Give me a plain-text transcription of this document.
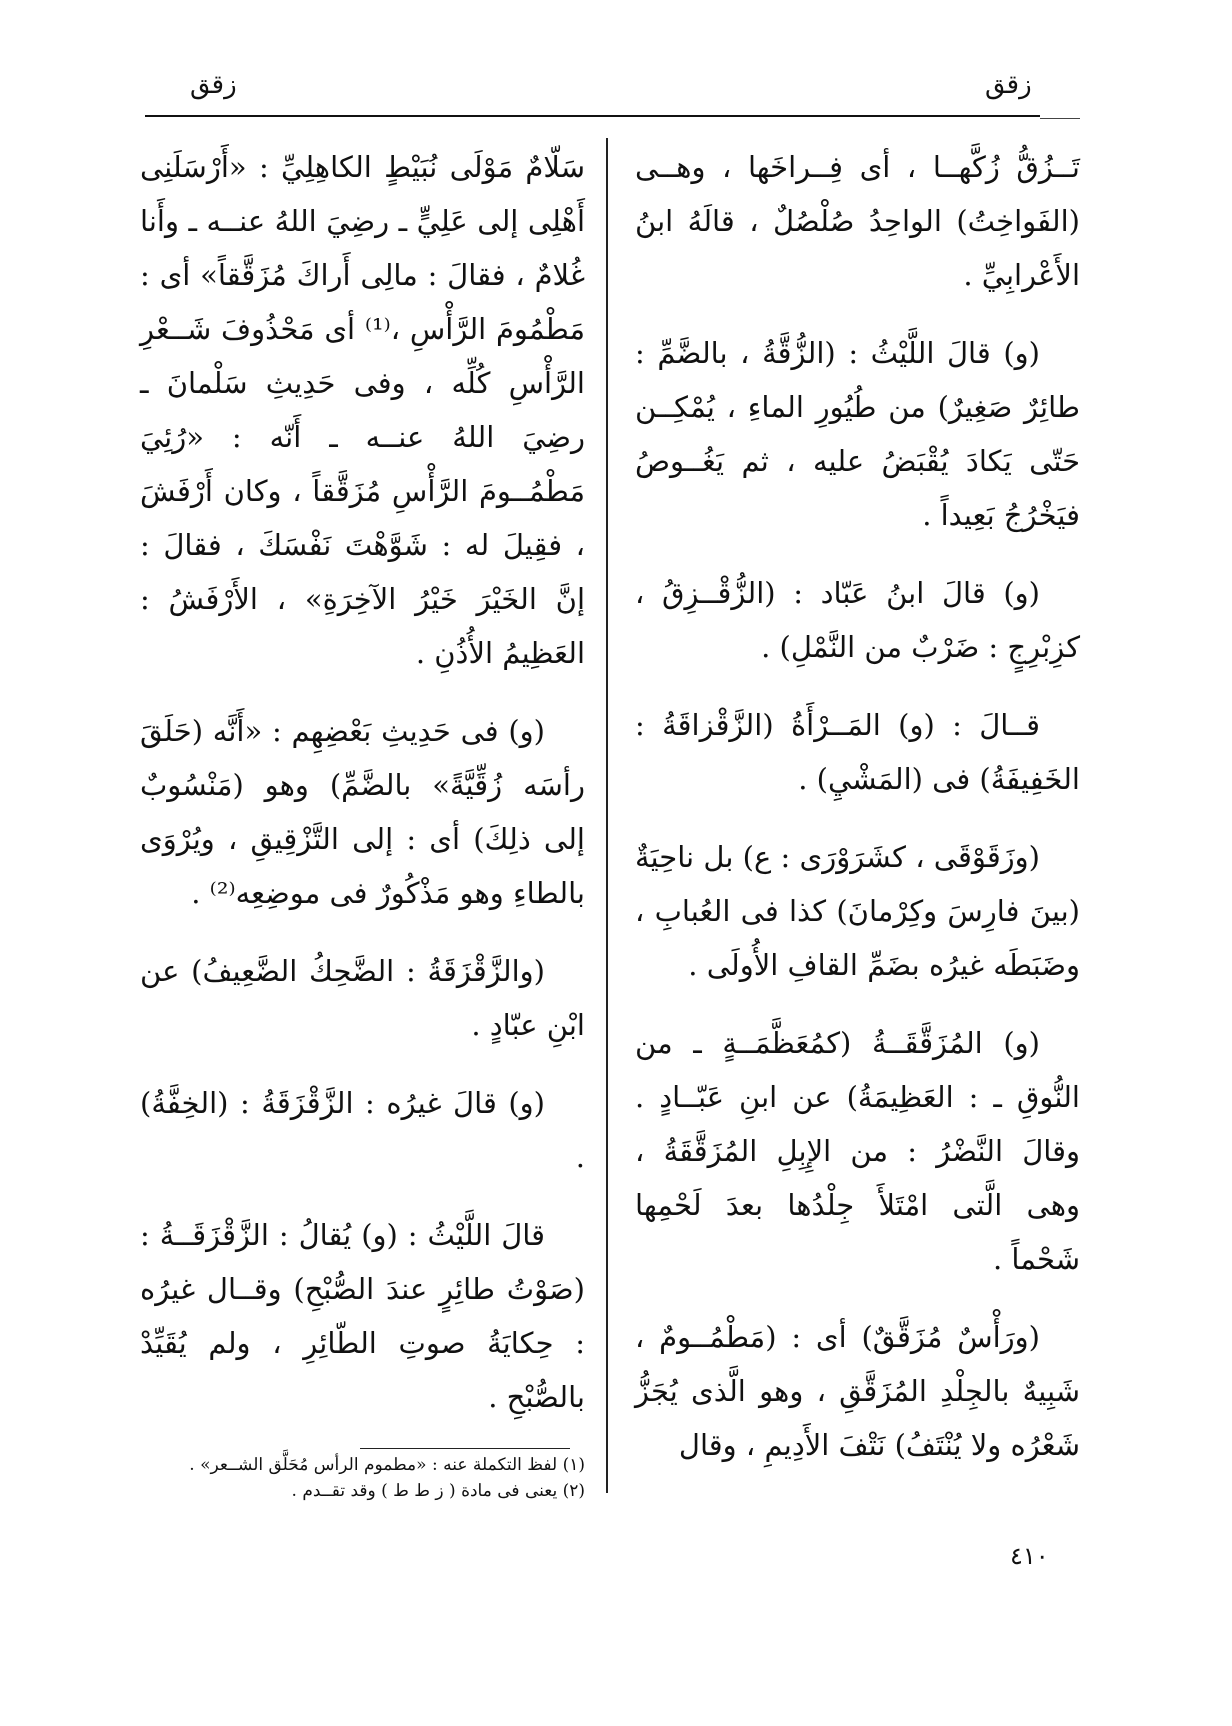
زقق	زقق

تَــزُقُّ زُكَّهــا ، أى فِــراخَها ، وهــى (الفَواخِتُ) الواحِدُ صُلْصُلٌ ، قالَهُ ابنُ الأَعْرابِيِّ .

(و) قالَ اللَّيْثُ : (الزُّقَّةُ ، بالضَّمِّ : طائِرٌ صَغِيرٌ) من طُيُورِ الماءِ ، يُمْكِــن حَتّى يَكادَ يُقْبَضُ عليه ، ثم يَغُــوصُ فيَخْرُجُ بَعِيداً .

(و) قالَ ابنُ عَبّاد : (الزُّقْــزِقُ ، كزِبْرِجٍ : ضَرْبٌ من النَّمْلِ) .

قــالَ : (و) المَــرْأَةُ (الزَّقْزاقَةُ : الخَفِيفَةُ) فى (المَشْيِ) .

(وزَقَوْقَى ، كشَرَوْرَى : ع) بل ناحِيَةٌ (بينَ فارِسَ وكِرْمانَ) كذا فى العُبابِ ، وضَبَطَه غيرُه بضَمِّ القافِ الأُولَى .

(و) المُزَقَّقَــةُ (كمُعَظَّمَــةٍ ـ من النُّوقِ ـ : العَظِيمَةُ) عن ابنِ عَبّــادٍ . وقالَ النَّضْرُ : من الإِبِلِ المُزَقَّقَةُ ، وهى الَّتى امْتَلأَ جِلْدُها بعدَ لَحْمِها شَحْماً .

(ورَأْسٌ مُزَقَّقٌ) أى : (مَطْمُــومٌ ، شَبِيهٌ بالجِلْدِ المُزَقَّقِ ، وهو الَّذى يُجَزُّ شَعْرُه ولا يُنْتَفُ) نَتْفَ الأَدِيمِ ، وقال

سَلّامٌ مَوْلَى نُبَيْطٍ الكاهِلِيِّ : «أَرْسَلَنِى أَهْلِى إلى عَلِيٍّ ـ رضِيَ اللهُ عنــه ـ وأَنا غُلامٌ ، فقالَ : مالِى أَراكَ مُزَقَّقاً» أى : مَطْمُومَ الرَّأْسِ ،⁽¹⁾ أى مَحْذُوفَ شَــعْرِ الرَّأْسِ كُلِّه ، وفى حَدِيثِ سَلْمانَ ـ رضِيَ اللهُ عنــه ـ أَنّه : «رُئِيَ مَطْمُــومَ الرَّأْسِ مُزَقَّقاً ، وكان أَرْفَشَ ، فقِيلَ له : شَوَّهْتَ نَفْسَكَ ، فقالَ : إنَّ الخَيْرَ خَيْرُ الآخِرَةِ» ، الأَرْفَشُ : العَظِيمُ الأُذُنِ .

(و) فى حَدِيثِ بَعْضِهِم : «أَنَّه (حَلَقَ رأسَه زُقِّيَّةً» بالضَّمِّ) وهو (مَنْسُوبٌ إلى ذلِكَ) أى : إلى التَّزْقِيقِ ، ويُرْوَى بالطاءِ وهو مَذْكُورٌ فى موضِعِه⁽²⁾ .

(والزَّقْزَقَةُ : الضَّحِكُ الضَّعِيفُ) عن ابْنِ عبّادٍ .

(و) قالَ غيرُه : الزَّقْزَقَةُ : (الخِفَّةُ) .

قالَ اللَّيْثُ : (و) يُقالُ : الزَّقْزَقَــةُ : (صَوْتُ طائِرٍ عندَ الصُّبْحِ) وقــال غيرُه : حِكايَةُ صوتِ الطّائِرِ ، ولم يُقَيِّدْ بالصُّبْحِ .

(١) لفظ التكملة عنه : «مطموم الرأس مُحَلَّق الشــعر» .
(٢) يعنى فى مادة ( ز ط ط ) وقد تقــدم .
٤١٠
